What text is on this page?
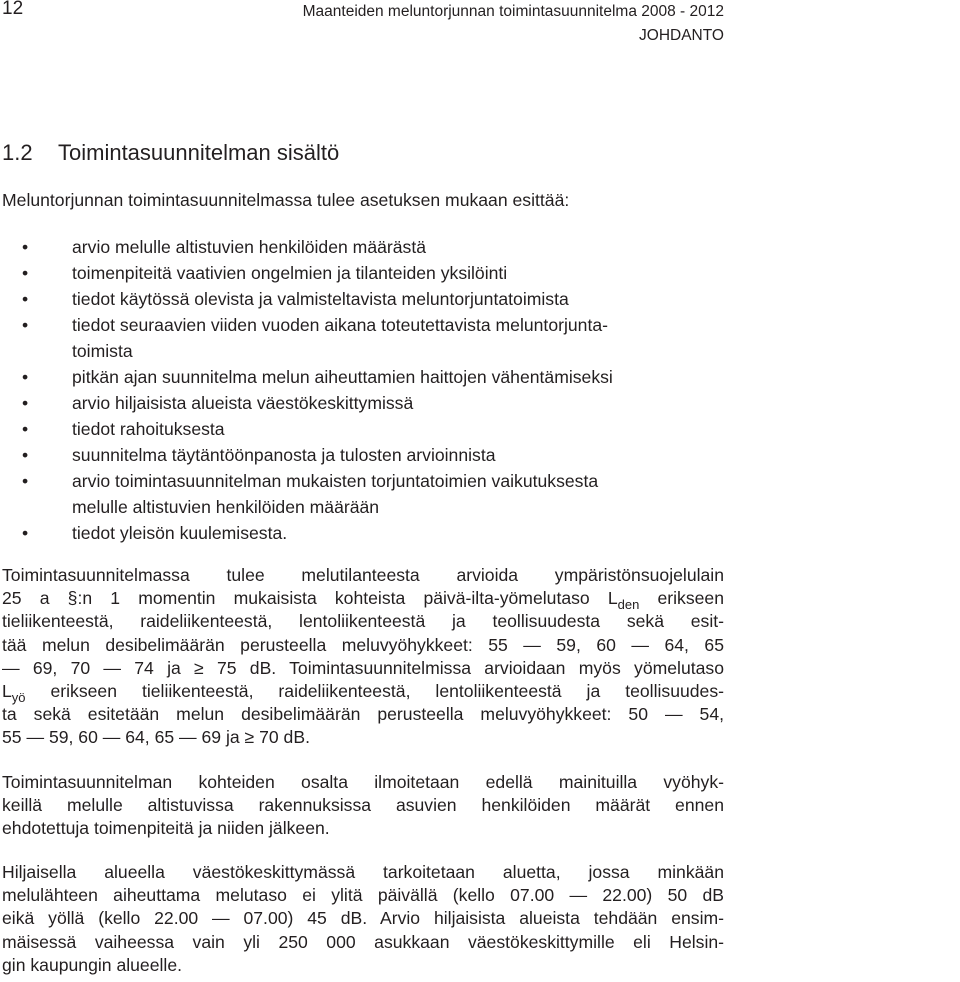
12	Maanteiden meluntorjunnan toimintasuunnitelma 2008 - 2012
JOHDANTO
1.2 Toimintasuunnitelman sisältö

Meluntorjunnan toimintasuunnitelmassa tulee asetuksen mukaan esittää:

• arvio melulle altistuvien henkilöiden määrästä
• toimenpiteitä vaativien ongelmien ja tilanteiden yksilöinti
• tiedot käytössä olevista ja valmisteltavista meluntorjuntatoimista
• tiedot seuraavien viiden vuoden aikana toteutettavista meluntorjunta-
toimista
• pitkän ajan suunnitelma melun aiheuttamien haittojen vähentämiseksi
• arvio hiljaisista alueista väestökeskittymissä
• tiedot rahoituksesta
• suunnitelma täytäntöönpanosta ja tulosten arvioinnista
• arvio toimintasuunnitelman mukaisten torjuntatoimien vaikutuksesta
melulle altistuvien henkilöiden määrään
• tiedot yleisön kuulemisesta.
Toimintasuunnitelmassa tulee melutilanteesta arvioida ympäristönsuojelulain
25 a §:n 1 momentin mukaisista kohteista päivä-ilta-yömelutaso $L_{den}$ erikseen
tieliikenteestä, raideliikenteestä, lentoliikenteestä ja teollisuudesta sekä esit-
tää melun desibelimäärän perusteella meluvyöhykkeet: 55 — 59, 60 — 64, 65
— 69, 70 — 74 ja ≥ 75 dB. Toimintasuunnitelmissa arvioidaan myös yömelutaso
$L_{yö}$ erikseen tieliikenteestä, raideliikenteestä, lentoliikenteestä ja teollisuudes-
ta sekä esitetään melun desibelimäärän perusteella meluvyöhykkeet: 50 — 54,
55 — 59, 60 — 64, 65 — 69 ja ≥ 70 dB.
Toimintasuunnitelman kohteiden osalta ilmoitetaan edellä mainituilla vyöhyk-
keillä melulle altistuvissa rakennuksissa asuvien henkilöiden määrät ennen
ehdotettuja toimenpiteitä ja niiden jälkeen.
Hiljaisella alueella väestökeskittymässä tarkoitetaan aluetta, jossa minkään
melulähteen aiheuttama melutaso ei ylitä päivällä (kello 07.00 — 22.00) 50 dB
eikä yöllä (kello 22.00 — 07.00) 45 dB. Arvio hiljaisista alueista tehdään ensim-
mäisessä vaiheessa vain yli 250 000 asukkaan väestökeskittymille eli Helsin-
gin kaupungin alueelle.
